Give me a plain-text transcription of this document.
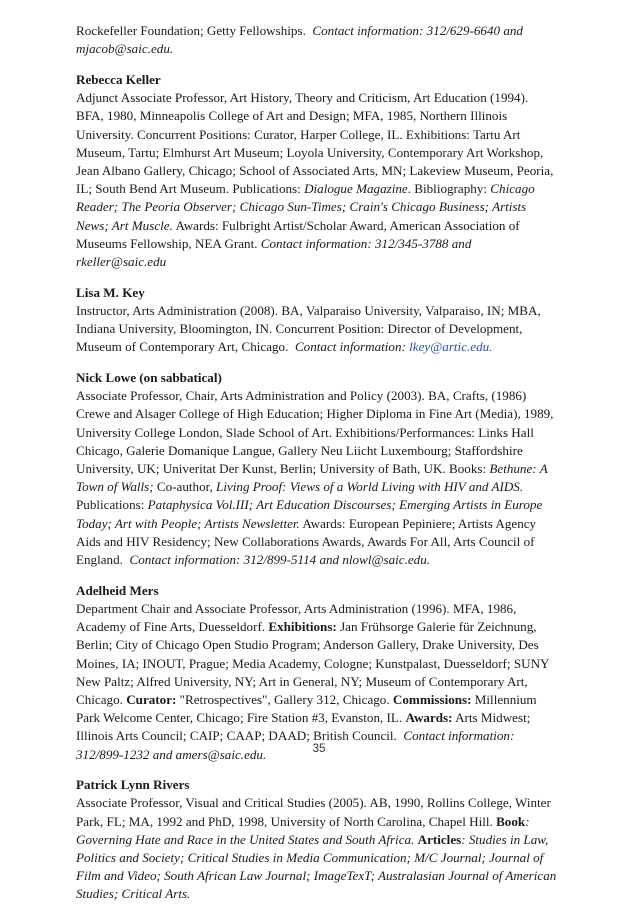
Rockefeller Foundation; Getty Fellowships. Contact information: 312/629-6640 and mjacob@saic.edu.

Rebecca Keller

Adjunct Associate Professor, Art History, Theory and Criticism, Art Education (1994). BFA, 1980, Minneapolis College of Art and Design; MFA, 1985, Northern Illinois University. Concurrent Positions: Curator, Harper College, IL. Exhibitions: Tartu Art Museum, Tartu; Elmhurst Art Museum; Loyola University, Contemporary Art Workshop, Jean Albano Gallery, Chicago; School of Associated Arts, MN; Lakeview Museum, Peoria, IL; South Bend Art Museum. Publications: Dialogue Magazine. Bibliography: Chicago Reader; The Peoria Observer; Chicago Sun-Times; Crain's Chicago Business; Artists News; Art Muscle. Awards: Fulbright Artist/Scholar Award, American Association of Museums Fellowship, NEA Grant. Contact information: 312/345-3788 and rkeller@saic.edu

Lisa M. Key

Instructor, Arts Administration (2008). BA, Valparaiso University, Valparaiso, IN; MBA, Indiana University, Bloomington, IN. Concurrent Position: Director of Development, Museum of Contemporary Art, Chicago. Contact information: lkey@artic.edu.

Nick Lowe (on sabbatical)

Associate Professor, Chair, Arts Administration and Policy (2003). BA, Crafts, (1986) Crewe and Alsager College of High Education; Higher Diploma in Fine Art (Media), 1989, University College London, Slade School of Art. Exhibitions/Performances: Links Hall Chicago, Galerie Domanique Langue, Gallery Neu Liicht Luxembourg; Staffordshire University, UK; Univeritat Der Kunst, Berlin; University of Bath, UK. Books: Bethune: A Town of Walls; Co-author, Living Proof: Views of a World Living with HIV and AIDS. Publications: Pataphysica Vol.III; Art Education Discourses; Emerging Artists in Europe Today; Art with People; Artists Newsletter. Awards: European Pepiniere; Artists Agency Aids and HIV Residency; New Collaborations Awards, Awards For All, Arts Council of England. Contact information: 312/899-5114 and nlowl@saic.edu.

Adelheid Mers

Department Chair and Associate Professor, Arts Administration (1996). MFA, 1986, Academy of Fine Arts, Duesseldorf. Exhibitions: Jan Frühsorge Galerie für Zeichnung, Berlin; City of Chicago Open Studio Program; Anderson Gallery, Drake University, Des Moines, IA; INOUT, Prague; Media Academy, Cologne; Kunstpalast, Duesseldorf; SUNY New Paltz; Alfred University, NY; Art in General, NY; Museum of Contemporary Art, Chicago. Curator: "Retrospectives", Gallery 312, Chicago. Commissions: Millennium Park Welcome Center, Chicago; Fire Station #3, Evanston, IL. Awards: Arts Midwest; Illinois Arts Council; CAIP; CAAP; DAAD; British Council. Contact information: 312/899-1232 and amers@saic.edu.

Patrick Lynn Rivers

Associate Professor, Visual and Critical Studies (2005). AB, 1990, Rollins College, Winter Park, FL; MA, 1992 and PhD, 1998, University of North Carolina, Chapel Hill. Book: Governing Hate and Race in the United States and South Africa. Articles: Studies in Law, Politics and Society; Critical Studies in Media Communication; M/C Journal; Journal of Film and Video; South African Law Journal; ImageTexT; Australasian Journal of American Studies; Critical Arts.

35
